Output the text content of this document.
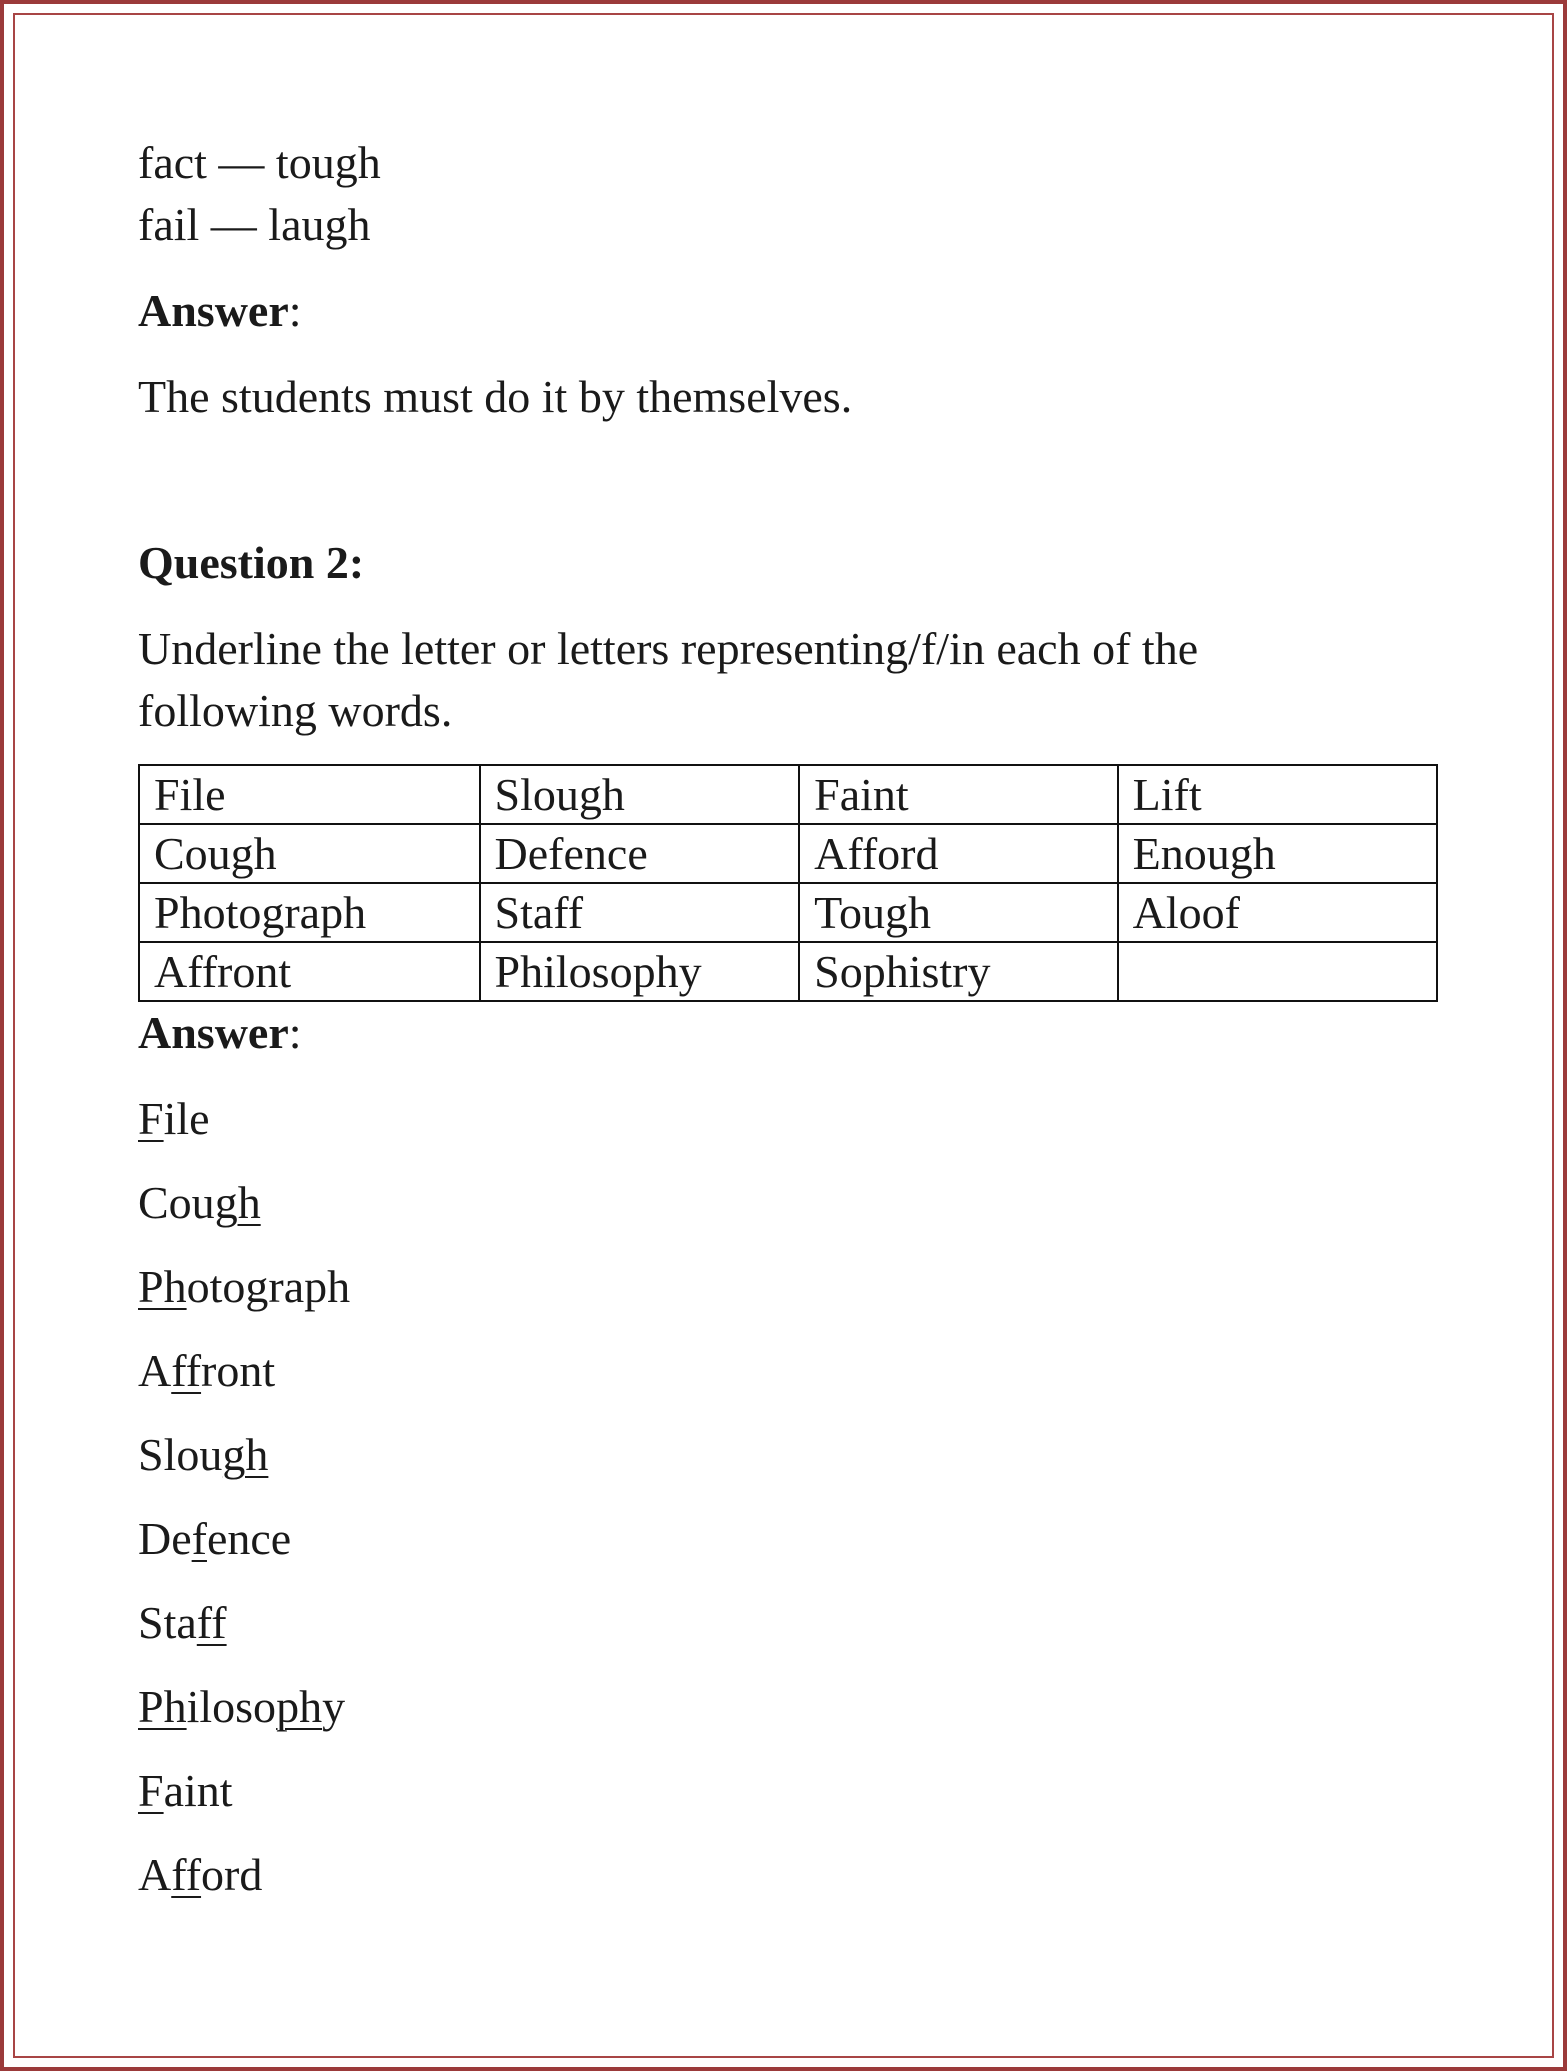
fact — tough

fail — laugh

Answer:

The students must do it by themselves.

Question 2:

Underline the letter or letters representing/f/in each of the

following words.

File	Slough	Faint	Lift
Cough	Defence	Afford	Enough
Photograph	Staff	Tough	Aloof
Affront	Philosophy	Sophistry	

Answer:

File
Cough
Photograph
Affront
Slough
Defence
Staff
Philosophy
Faint
Afford
